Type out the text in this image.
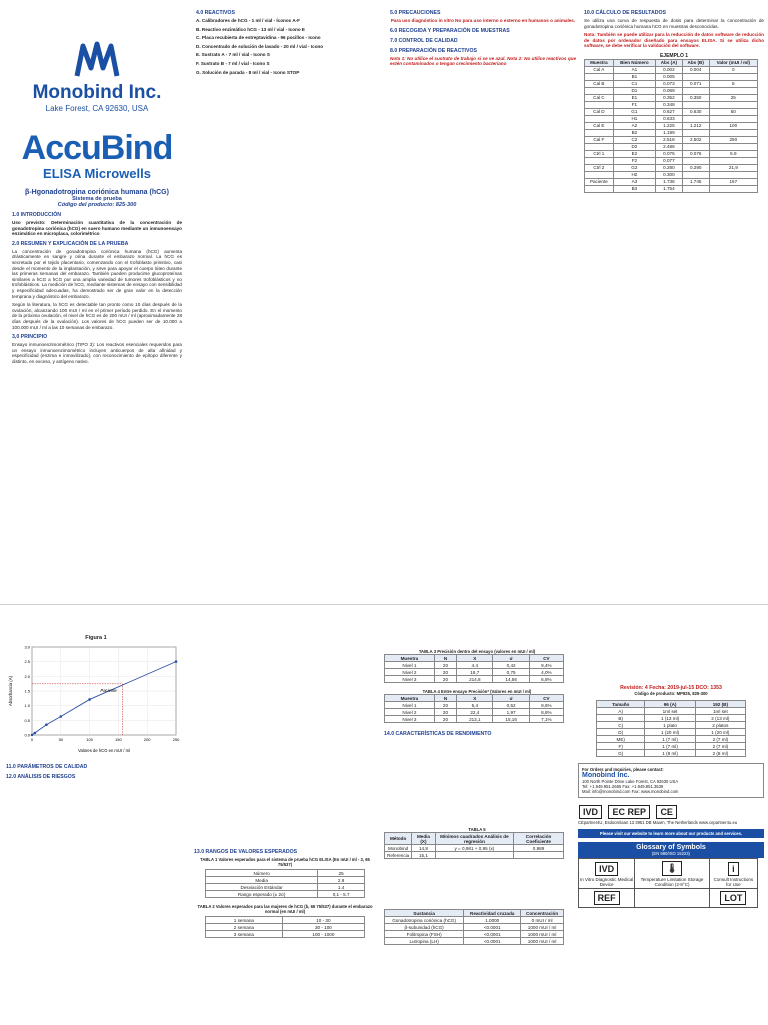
Monobind Inc.
Lake Forest, CA 92630, USA
AccuBind
ELISA Microwells
β-Hgonadotropina coriónica humana (hCG)
Sistema de prueba
Código del producto: 825-300
1.0 INTRODUCCIÓN

Uso previsto: Determinación cuantitativa de la concentración de gonadotropina coriónica (hCG) en suero humano mediante un inmunoensayo enzimático en microplaca, colorimétrico

2.0 RESUMEN Y EXPLICACIÓN DE LA PRUEBA

La concentración de gonadotropina coriónica humana (hCG) aumenta drásticamente en sangre y orina durante el embarazo normal. La hCG es secretada por el tejido placentario, comenzando con el trofoblasto primitivo, casi desde el momento de la implantación, y sirve para apoyar el cuerpo lúteo durante las primeras semanas del embarazo. También pueden producirse glucoproteínas similares a hCG a hCG por una amplia variedad de tumores trofoblásticos y no trofoblásticos. La medición de hCG, mediante sistemas de ensayo con sensibilidad y especificidad adecuadas, ha demostrado ser de gran valor en la detección temprana y diagnóstico del embarazo.

Según la literatura, la hCG es detectable tan pronto como 10 días después de la ovulación, alcanzando 100 mUI / ml en el primer período perdido. En el momento de la próxima ovulación, el nivel de hCG es de 200 mUI / ml (aproximadamente 28 días después de la ovulación). Los valores de hCG pueden ser de 10.000 a 100.000 mUI / ml a las 10 semanas de embarazo.

3,0 PRINCIPIO

Ensayo inmunoenzimométrico (TIPO 3): Los reactivos esenciales requeridos para un ensayo inmunoenzimométrico incluyen anticuerpos de alta afinidad y especificidad (enzima e inmovilizado), con reconocimiento de epítopo diferente y distinto, en exceso, y antígeno nativo.

4.0 REACTIVOS

A. Calibradores de hCG - 1 ml / vial - Íconos A-F

B. Reactivo enzimático hCG - 13 ml / vial - Icono E

C. Placa recubierta de estreptavidina - 96 pocillos - Icono

D. Concentrado de solución de lavado - 20 ml / vial - Icono

E. Sustrato A - 7 ml / vial - Icono S

F. Sustrato B - 7 ml / vial - Icono S

G. Solución de parada - 8 ml / vial - Icono STOP

5.0 PRECAUCIONES

Para uso diagnóstico in vitro No para uso interno o externo en humanos o animales.

6.0 RECOGIDA Y PREPARACIÓN DE MUESTRAS
7.0 CONTROL DE CALIDAD
8.0 PREPARACIÓN DE REACTIVOS

Nota 1: No utilice el sustrato de trabajo si se ve azul. Nota 2: No utilice reactivos que estén contaminados o tengan crecimiento bacteriano

10.0 CÁLCULO DE RESULTADOS

Se utiliza una curva de respuesta de dosis para determinar la concentración de gonadotropina coriónica humana hCG en muestras desconocidas.

Nota: También se puede utilizar para la reducción de datos software de reducción de datos por ordenador diseñado para ensayos ELISA. Si se utiliza dicho software, se debe verificar la validación del software.

EJEMPLO 1
Muestra	Bien Número	Abs (A)	Abs (B)	Valor (mUI / ml)
Cal A	A1	0.002	0.004	0
	B1	0.005		
Cal B	C1	0.073	0.071	5
	D1	0.069		
Cal C	E1	0.352	0.350	25
	F1	0.348		
Cal D	G1	0.627	0.630	50
	H1	0.633		
Cal E	A2	1.225	1.212	100
	B2	1.199		
Cal F	C2	2.518	2.502	250
	D2	2.486		
Ctrl 1	E2	0.075	0.076	5.9
	F2	0.077		
Ctrl 2	G2	0.280	0.290	21,9
	H2	0.300		
Paciente	A3	1.736	1.745	157
	B3	1.754		
Figura 1
0.0
0.5
1.0
1.5
2.0
2.5
3.0
0	50	100	150	200	250
Paciente
Valores de hCG en mUI / ml
Absorbancia (A)
11.0 PARÁMETROS DE CALIDAD
12.0 ANÁLISIS DE RIESGOS
13.0 RANGOS DE VALORES ESPERADOS
TABLA 1 Valores esperados para el sistema de prueba hCG ELISA (En mUI / ml - 3, 65 75/537)
Número	25
Media	2.9
Desviación Estándar	1.4
Rango esperado (± 2σ)	0,1 - 5.7
TABLA 2 Valores esperados para las mujeres de hCG (b, 65 75/537) durante el embarazo normal (en mUI / ml)
1 semana	10 - 30
2 semana	30 - 100
3 semana	100 - 1000
TABLA 3 Precisión dentro del ensayo (valores en mUI / ml)
Muestra	N	X	σ	CV
Nivel 1	20	4.4	0,42	9,4%
Nivel 2	20	18,7	0,75	4,0%
Nivel 3	20	214,8	14,56	6,8%
TABLA 4 Entre ensayo Precisión* (Valores en mUI / ml)
Muestra	N	X	σ	CV
Nivel 1	20	5,4	0,52	9,6%
Nivel 2	20	22,4	1,97	8,8%
Nivel 3	20	213,1	15,16	7,1%
14.0 CARACTERÍSTICAS DE RENDIMIENTO
TABLA 5
Método	Media (X)	Mínimos cuadrados Análisis de regresión	Correlación Coeficiente
Monobind	14,8	y = 0,981 + 0,95 (x)	0,989
Referencia	15,1		
Sustancia	Reactividad cruzada	Concentración
Gonadotropina coriónica (hCG)	1.0000	0 mUI / ml
β-subunidad (hCG)	<0.0001	1000 mUI / ml
Folitropina (FSH)	<0.0001	1000 mUI / ml
Lutropina (LH)	<0.0001	1000 mUI / ml
Revisión: 4 Fecha: 2019-jul-15 DCO: 1353
Código de producto: MP825, 825-300
Tamaño	96 (A)	192 (B)
A)	1ml set	1ml set
B)	1 (13 ml)	2 (13 ml)
C)	1 plato	2 platos
D)	1 (20 ml)	1 (20 ml)
ME)	1 (7 ml)	2 (7 ml)
F)	1 (7 ml)	2 (7 ml)
G)	1 (8 ml)	2 (8 ml)
For Orders and Inquiries, please contact:
Monobind Inc.
100 North Pointe Drive Lake Forest, CA 92630 USA
Tel: +1.949.951.2665 Fax: +1.949.951.3539
Mail: info@monobind.com Fax: www.monobind.com
IVD EC REP CE
CEpartner4U, Esdoornlaan 13 3951 DB Maarn, The Netherlands www.cepartner4u.eu
Please visit our website to learn more about our products and services.
Glossary of Symbols
(EN 980/ISO 15223)
IVD
In Vitro Diagnostic Medical Device	🌡
Temperature Limitation Storage Condition (2-8°C)	i
Consult Instructions for Use

REF		LOT
